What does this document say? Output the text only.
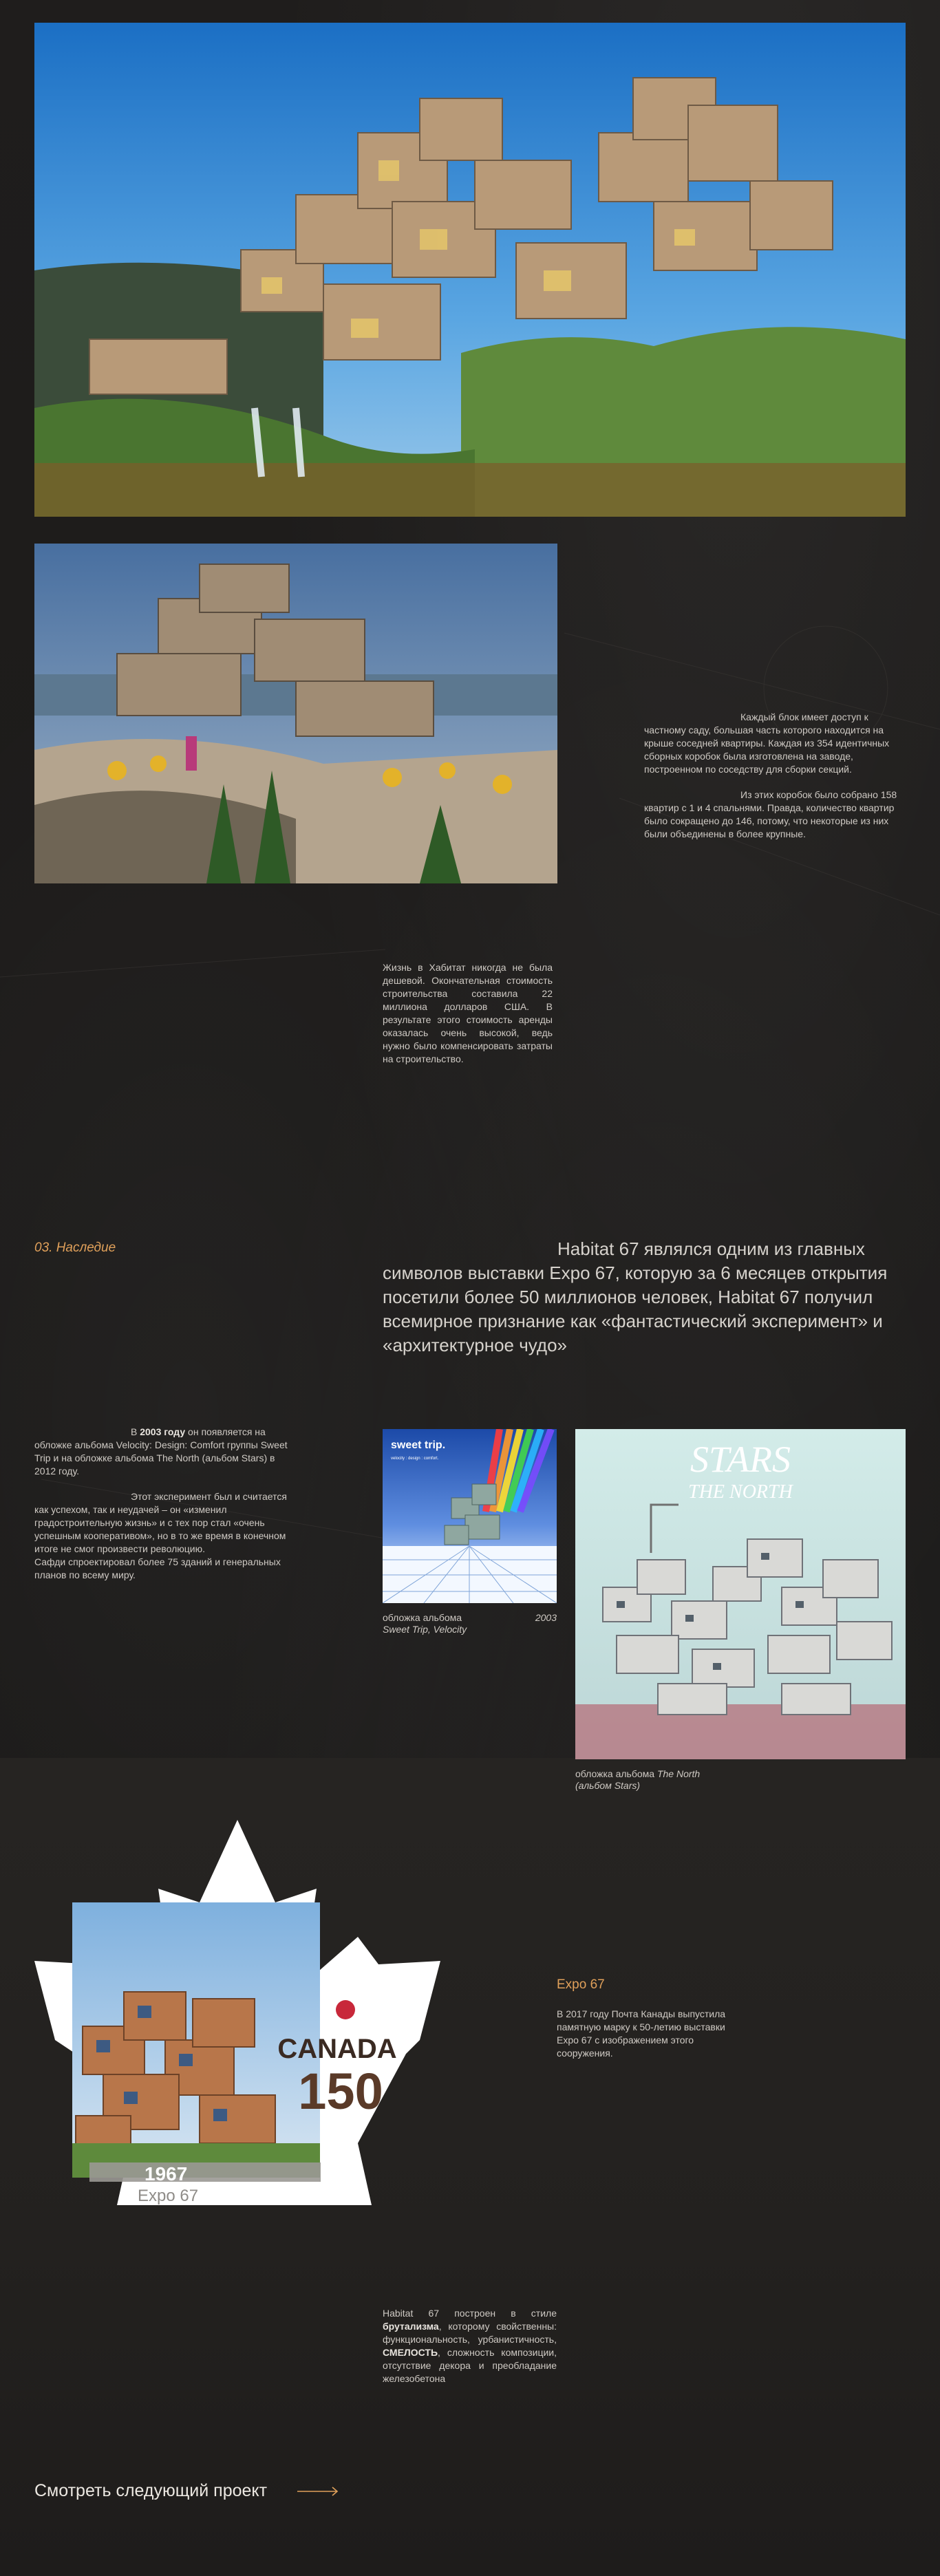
Каждый блок имеет доступ к частному саду, большая часть которого находится на крыше соседней квартиры. Каждая из 354 идентичных сборных коробок была изготовлена на заводе, построенном по соседству для сборки секций.

Из этих коробок было собрано 158 квартир с 1 и 4 спальнями. Правда, количество квартир было сокращено до 146, потому, что некоторые из них были объединены в более крупные.

Жизнь в Хабитат никогда не была дешевой. Окончательная стоимость строительства составила 22 миллиона долларов США. В результате этого стоимость аренды оказалась очень высокой, ведь нужно было компенсировать затраты на строительство.

03. Наследие	Habitat 67 являлся одним из главных символов выставки Expo 67, которую за 6 месяцев открытия посетили более 50 миллионов человек, Habitat 67 получил всемирное признание как «фантастический эксперимент» и «архитектурное чудо»

В 2003 году он появляется на обложке альбома Velocity: Design: Comfort группы Sweet Trip и на обложке альбома The North (альбом Stars) в 2012 году.

Этот эксперимент был и считается как успехом, так и неудачей – он «изменил градостроительную жизнь» и с тех пор стал «очень успешным кооперативом», но в то же время в конечном итоге не смог произвести революцию.

Сафди спроектировал более 75 зданий и генеральных планов по всему миру.

sweet trip.
velocity : design : comfort.
обложка альбома	2003
Sweet Trip, Velocity
STARS
THE NORTH
обложка альбома The North
(альбом Stars)
CANADA
150
1967
Expo 67
Expo 67
В 2017 году Почта Канады выпустила памятную марку к 50-летию выставки Expo 67 с изображением этого сооружения.
Habitat 67 построен в стиле брутализма, которому свойственны: функциональность, урбанистичность, СМЕЛОСТЬ, сложность композиции, отсутствие декора и преобладание железобетона
Смотреть следующий проект
